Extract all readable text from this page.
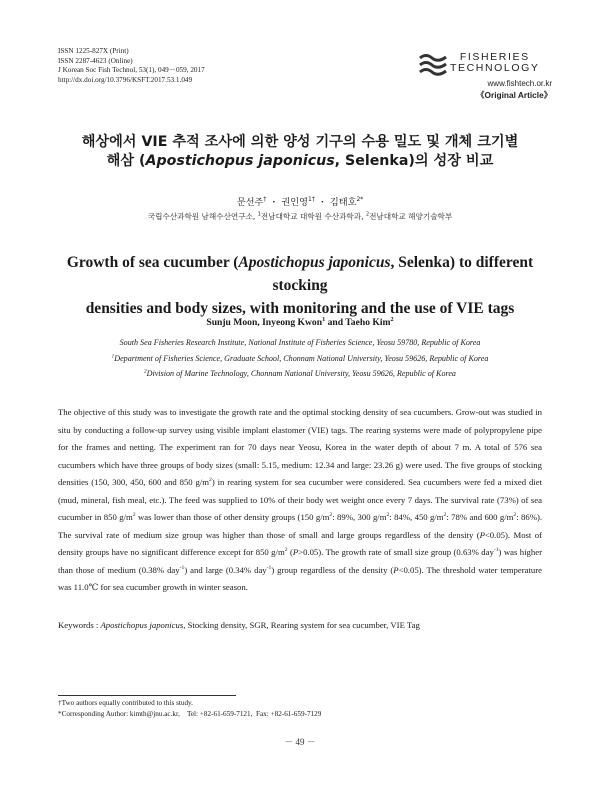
ISSN 1225-827X (Print)
ISSN 2287-4623 (Online)
J Korean Soc Fish Technol, 53(1), 049－059, 2017
http://dx.doi.org/10.3796/KSFT.2017.53.1.049
FISHERIES
TECHNOLOGY
www.fishtech.or.kr
《Original Article》
해상에서 VIE 추적 조사에 의한 양성 기구의 수용 밀도 및 개체 크기별
해삼 (Apostichopus japonicus, Selenka)의 성장 비교
문선주† ・ 권인영$^{1\dagger}$ ・ 김태호$^{2*}$
국립수산과학원 남해수산연구소, $^1$전남대학교 대학원 수산과학과, $^2$전남대학교 해양기술학부
Growth of sea cucumber (Apostichopus japonicus, Selenka) to different stocking
densities and body sizes, with monitoring and the use of VIE tags
Sunju Moon, Inyeong Kwon$^1$ and Taeho Kim$^2$
South Sea Fisheries Research Institute, National Institute of Fisheries Science, Yeosu 59780, Republic of Korea
$^1$Department of Fisheries Science, Graduate School, Chonnam National University, Yeosu 59626, Republic of Korea
$^2$Division of Marine Technology, Chonnam National University, Yeosu 59626, Republic of Korea
The objective of this study was to investigate the growth rate and the optimal stocking density of sea cucumbers. Grow-out was studied in situ by conducting a follow-up survey using visible implant elastomer (VIE) tags. The rearing systems were made of polypropylene pipe for the frames and netting. The experiment ran for 70 days near Yeosu, Korea in the water depth of about 7 m. A total of 576 sea cucumbers which have three groups of body sizes (small: 5.15, medium: 12.34 and large: 23.26 g) were used. The five groups of stocking densities (150, 300, 450, 600 and 850 $g/m^2$) in rearing system for sea cucumber were considered. Sea cucumbers were fed a mixed diet (mud, mineral, fish meal, etc.). The feed was supplied to 10% of their body wet weight once every 7 days. The survival rate (73%) of sea cucumber in 850 $g/m^2$ was lower than those of other density groups (150 $g/m^2$: 89%, 300 $g/m^2$: 84%, 450 $g/m^2$: 78% and 600 $g/m^2$: 86%). The survival rate of medium size group was higher than those of small and large groups regardless of the density (P<0.05). Most of density groups have no significant difference except for 850 $g/m^2$ (P>0.05). The growth rate of small size group (0.63% day$^{-1}$) was higher than those of medium (0.38% day$^{-1}$) and large (0.34% day$^{-1}$) group regardless of the density (P<0.05). The threshold water temperature was 11.0℃ for sea cucumber growth in winter season.
Keywords : Apostichopus japonicus, Stocking density, SGR, Rearing system for sea cucumber, VIE Tag
†Two authors equally contributed to this study.
*Corresponding Author: kimth@jnu.ac.kr,    Tel: +82-61-659-7121,  Fax: +82-61-659-7129
－ 49 －
